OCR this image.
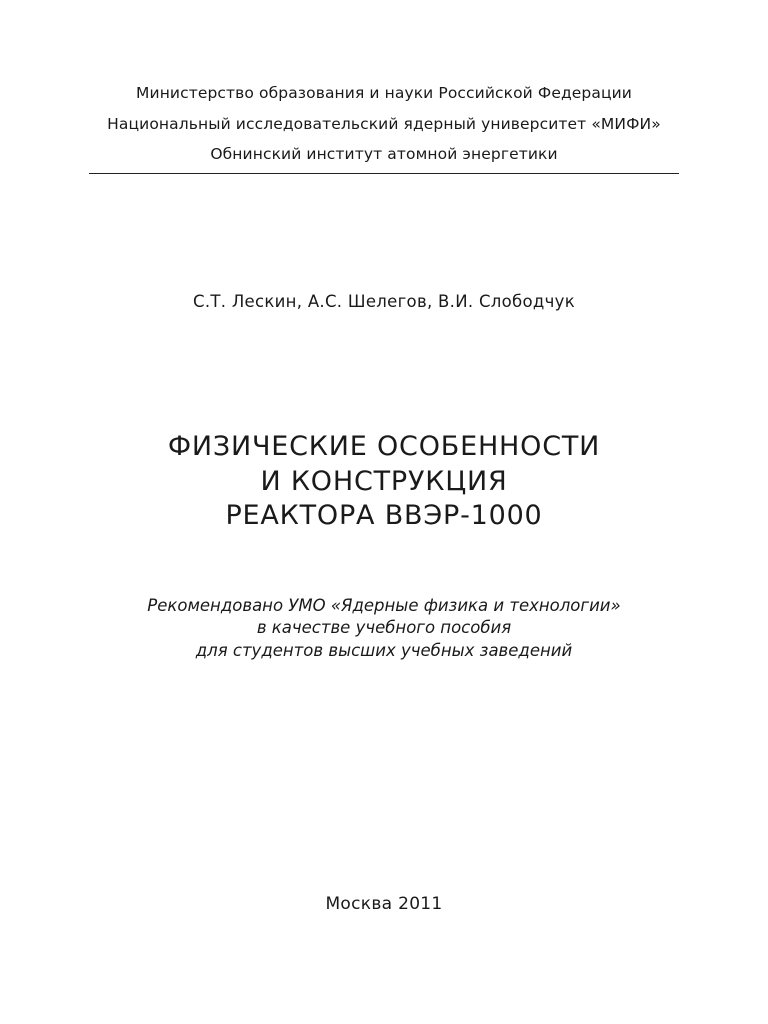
Министерство образования и науки Российской Федерации
Национальный исследовательский ядерный университет «МИФИ»
Обнинский институт атомной энергетики
С.Т. Лескин, А.С. Шелегов, В.И. Слободчук
ФИЗИЧЕСКИЕ ОСОБЕННОСТИ
И КОНСТРУКЦИЯ
РЕАКТОРА ВВЭР-1000
Рекомендовано УМО «Ядерные физика и технологии»
в качестве учебного пособия
для студентов высших учебных заведений
Москва 2011
